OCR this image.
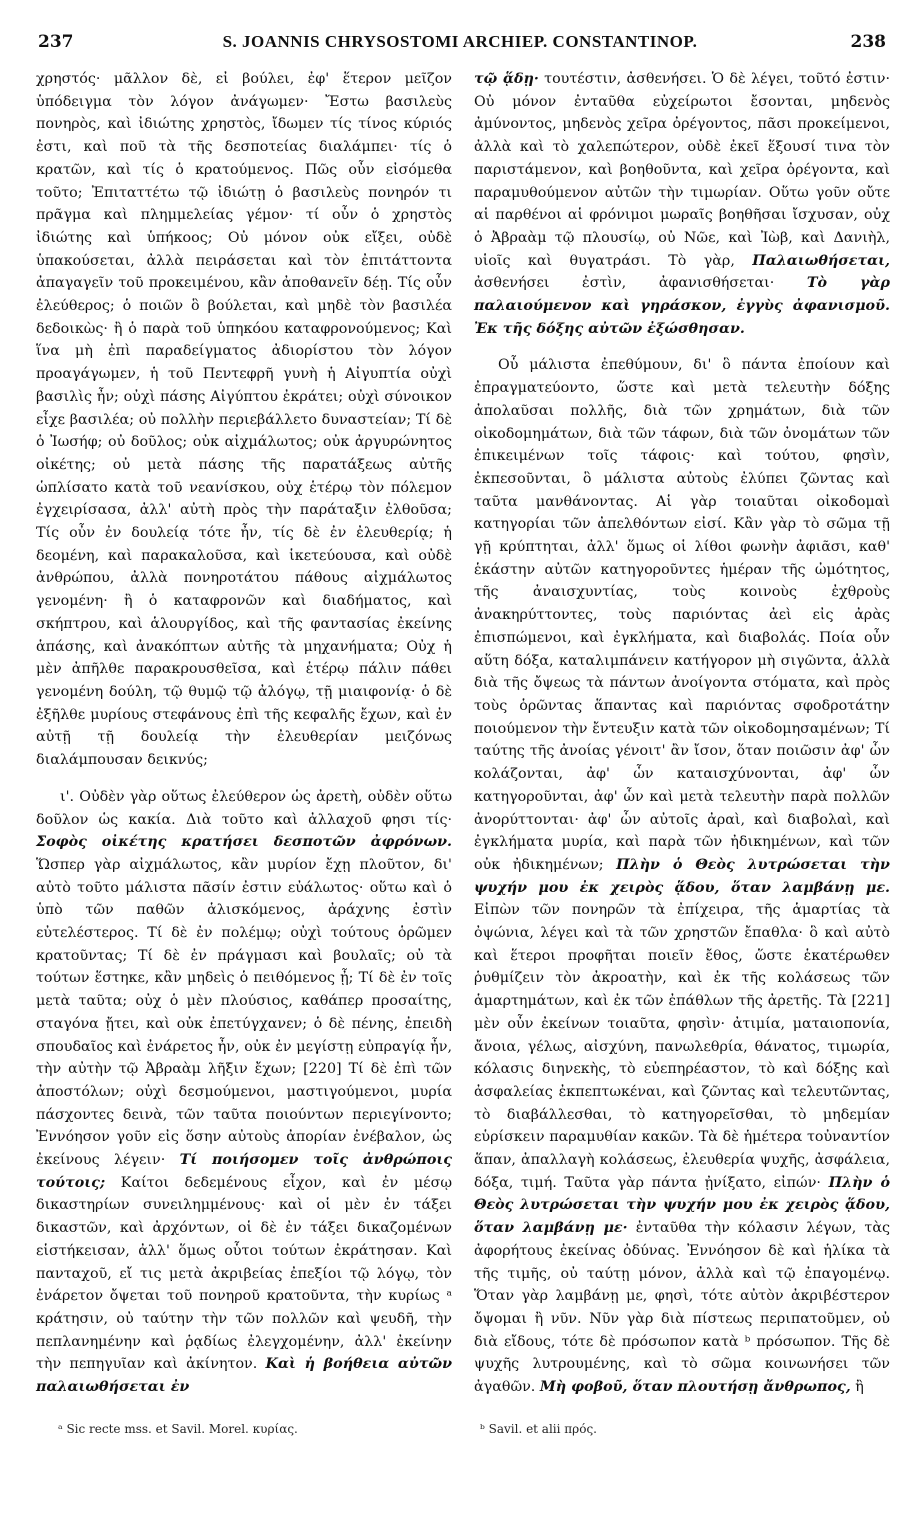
237	S. JOANNIS CHRYSOSTOMI ARCHIEP. CONSTANTINOP.	238

χρηστός· μᾶλλον δὲ, εἰ βούλει, ἐφ' ἕτερον μεῖζον ὑπόδειγμα τὸν λόγον ἀνάγωμεν· Ἔστω βασιλεὺς πονηρὸς, καὶ ἰδιώτης χρηστὸς, ἴδωμεν τίς τίνος κύριός ἐστι, καὶ ποῦ τὰ τῆς δεσποτείας διαλάμπει· τίς ὁ κρατῶν, καὶ τίς ὁ κρατούμενος. Πῶς οὖν εἰσόμεθα τοῦτο; Ἐπιταττέτω τῷ ἰδιώτῃ ὁ βασιλεὺς πονηρόν τι πρᾶγμα καὶ πλημμελείας γέμον· τί οὖν ὁ χρηστὸς ἰδιώτης καὶ ὑπήκοος; Οὐ μόνον οὐκ εἴξει, οὐδὲ ὑπακούσεται, ἀλλὰ πειράσεται καὶ τὸν ἐπιτάττοντα ἀπαγαγεῖν τοῦ προκειμένου, κἂν ἀποθανεῖν δέῃ. Τίς οὖν ἐλεύθερος; ὁ ποιῶν ὃ βούλεται, καὶ μηδὲ τὸν βασιλέα δεδοικὼς· ἢ ὁ παρὰ τοῦ ὑπηκόου καταφρονούμενος; Καὶ ἵνα μὴ ἐπὶ παραδείγματος ἀδιορίστου τὸν λόγον προαγάγωμεν, ἡ τοῦ Πεντεφρῆ γυνὴ ἡ Αἰγυπτία οὐχὶ βασιλὶς ἦν; οὐχὶ πάσης Αἰγύπτου ἐκράτει; οὐχὶ σύνοικον εἶχε βασιλέα; οὐ πολλὴν περιεβάλλετο δυναστείαν; Τί δὲ ὁ Ἰωσήφ; οὐ δοῦλος; οὐκ αἰχμάλωτος; οὐκ ἀργυρώνητος οἰκέτης; οὐ μετὰ πάσης τῆς παρατάξεως αὐτῆς ὡπλίσατο κατὰ τοῦ νεανίσκου, οὐχ ἑτέρῳ τὸν πόλεμον ἐγχειρίσασα, ἀλλ' αὐτὴ πρὸς τὴν παράταξιν ἐλθοῦσα; Τίς οὖν ἐν δουλείᾳ τότε ἦν, τίς δὲ ἐν ἐλευθερίᾳ; ἡ δεομένη, καὶ παρακαλοῦσα, καὶ ἱκετεύουσα, καὶ οὐδὲ ἀνθρώπου, ἀλλὰ πονηροτάτου πάθους αἰχμάλωτος γενομένη· ἢ ὁ καταφρονῶν καὶ διαδήματος, καὶ σκήπτρου, καὶ ἁλουργίδος, καὶ τῆς φαντασίας ἐκείνης ἁπάσης, καὶ ἀνακόπτων αὐτῆς τὰ μηχανήματα; Οὐχ ἡ μὲν ἀπῆλθε παρακρουσθεῖσα, καὶ ἑτέρῳ πάλιν πάθει γενομένη δούλη, τῷ θυμῷ τῷ ἀλόγῳ, τῇ μιαιφονίᾳ· ὁ δὲ ἐξῆλθε μυρίους στεφάνους ἐπὶ τῆς κεφαλῆς ἔχων, καὶ ἐν αὐτῇ τῇ δουλείᾳ τὴν ἐλευθερίαν μειζόνως διαλάμπουσαν δεικνύς;

ι'. Οὐδὲν γὰρ οὕτως ἐλεύθερον ὡς ἀρετὴ, οὐδὲν οὕτω δοῦλον ὡς κακία. Διὰ τοῦτο καὶ ἀλλαχοῦ φησι τίς· Σοφὸς οἰκέτης κρατήσει δεσποτῶν ἀφρόνων. Ὥσπερ γὰρ αἰχμάλωτος, κἂν μυρίον ἔχῃ πλοῦτον, δι' αὐτὸ τοῦτο μάλιστα πᾶσίν ἐστιν εὐάλωτος· οὕτω καὶ ὁ ὑπὸ τῶν παθῶν ἁλισκόμενος, ἀράχνης ἐστὶν εὐτελέστερος. Τί δὲ ἐν πολέμῳ; οὐχὶ τούτους ὁρῶμεν κρατοῦντας; Τί δὲ ἐν πράγμασι καὶ βουλαῖς; οὐ τὰ τούτων ἕστηκε, κἂν μηδεὶς ὁ πειθόμενος ᾖ; Τί δὲ ἐν τοῖς μετὰ ταῦτα; οὐχ ὁ μὲν πλούσιος, καθάπερ προσαίτης, σταγόνα ᾔτει, καὶ οὐκ ἐπετύγχανεν; ὁ δὲ πένης, ἐπειδὴ σπουδαῖος καὶ ἐνάρετος ἦν, οὐκ ἐν μεγίστῃ εὐπραγίᾳ ἦν, τὴν αὐτὴν τῷ Ἀβραὰμ λῆξιν ἔχων; [220] Τί δὲ ἐπὶ τῶν ἀποστόλων; οὐχὶ δεσμούμενοι, μαστιγούμενοι, μυρία πάσχοντες δεινὰ, τῶν ταῦτα ποιούντων περιεγίνοντο; Ἐννόησον γοῦν εἰς ὅσην αὐτοὺς ἀπορίαν ἐνέβαλον, ὡς ἐκείνους λέγειν· Τί ποιήσομεν τοῖς ἀνθρώποις τούτοις; Καίτοι δεδεμένους εἶχον, καὶ ἐν μέσῳ δικαστηρίων συνειλημμένους· καὶ οἱ μὲν ἐν τάξει δικαστῶν, καὶ ἀρχόντων, οἱ δὲ ἐν τάξει δικαζομένων εἱστήκεισαν, ἀλλ' ὅμως οὗτοι τούτων ἐκράτησαν. Καὶ πανταχοῦ, εἴ τις μετὰ ἀκριβείας ἐπεξίοι τῷ λόγῳ, τὸν ἐνάρετον ὄψεται τοῦ πονηροῦ κρατοῦντα, τὴν κυρίως ᵃ κράτησιν, οὐ ταύτην τὴν τῶν πολλῶν καὶ ψευδῆ, τὴν πεπλανημένην καὶ ῥᾳδίως ἐλεγχομένην, ἀλλ' ἐκείνην τὴν πεπηγυῖαν καὶ ἀκίνητον. Καὶ ἡ βοήθεια αὐτῶν παλαιωθήσεται ἐν

τῷ ᾅδῃ· τουτέστιν, ἀσθενήσει. Ὁ δὲ λέγει, τοῦτό ἐστιν· Οὐ μόνον ἐνταῦθα εὐχείρωτοι ἔσονται, μηδενὸς ἀμύνοντος, μηδενὸς χεῖρα ὀρέγοντος, πᾶσι προκείμενοι, ἀλλὰ καὶ τὸ χαλεπώτερον, οὐδὲ ἐκεῖ ἕξουσί τινα τὸν παριστάμενον, καὶ βοηθοῦντα, καὶ χεῖρα ὀρέγοντα, καὶ παραμυθούμενον αὐτῶν τὴν τιμωρίαν. Οὕτω γοῦν οὔτε αἱ παρθένοι αἱ φρόνιμοι μωραῖς βοηθῆσαι ἴσχυσαν, οὐχ ὁ Ἀβραὰμ τῷ πλουσίῳ, οὐ Νῶε, καὶ Ἰὼβ, καὶ Δανιὴλ, υἱοῖς καὶ θυγατράσι. Τὸ γὰρ, Παλαιωθήσεται, ἀσθενήσει ἐστὶν, ἀφανισθήσεται· Τὸ γὰρ παλαιούμενον καὶ γηράσκον, ἐγγὺς ἀφανισμοῦ. Ἐκ τῆς δόξης αὐτῶν ἐξώσθησαν.

Οὗ μάλιστα ἐπεθύμουν, δι' ὃ πάντα ἐποίουν καὶ ἐπραγματεύοντο, ὥστε καὶ μετὰ τελευτὴν δόξης ἀπολαῦσαι πολλῆς, διὰ τῶν χρημάτων, διὰ τῶν οἰκοδομημάτων, διὰ τῶν τάφων, διὰ τῶν ὀνομάτων τῶν ἐπικειμένων τοῖς τάφοις· καὶ τούτου, φησὶν, ἐκπεσοῦνται, ὃ μάλιστα αὐτοὺς ἐλύπει ζῶντας καὶ ταῦτα μανθάνοντας. Αἱ γὰρ τοιαῦται οἰκοδομαὶ κατηγορίαι τῶν ἀπελθόντων εἰσί. Κἂν γὰρ τὸ σῶμα τῇ γῇ κρύπτηται, ἀλλ' ὅμως οἱ λίθοι φωνὴν ἀφιᾶσι, καθ' ἑκάστην αὐτῶν κατηγοροῦντες ἡμέραν τῆς ὠμότητος, τῆς ἀναισχυντίας, τοὺς κοινοὺς ἐχθροὺς ἀνακηρύττοντες, τοὺς παριόντας ἀεὶ εἰς ἀρὰς ἐπισπώμενοι, καὶ ἐγκλήματα, καὶ διαβολάς. Ποία οὖν αὕτη δόξα, καταλιμπάνειν κατήγορον μὴ σιγῶντα, ἀλλὰ διὰ τῆς ὄψεως τὰ πάντων ἀνοίγοντα στόματα, καὶ πρὸς τοὺς ὁρῶντας ἅπαντας καὶ παριόντας σφοδροτάτην ποιούμενον τὴν ἔντευξιν κατὰ τῶν οἰκοδομησαμένων; Τί ταύτης τῆς ἀνοίας γένοιτ' ἂν ἴσον, ὅταν ποιῶσιν ἀφ' ὧν κολάζονται, ἀφ' ὧν καταισχύνονται, ἀφ' ὧν κατηγοροῦνται, ἀφ' ὧν καὶ μετὰ τελευτὴν παρὰ πολλῶν ἀνορύττονται· ἀφ' ὧν αὐτοῖς ἀραὶ, καὶ διαβολαὶ, καὶ ἐγκλήματα μυρία, καὶ παρὰ τῶν ἠδικημένων, καὶ τῶν οὐκ ἠδικημένων; Πλὴν ὁ Θεὸς λυτρώσεται τὴν ψυχήν μου ἐκ χειρὸς ᾅδου, ὅταν λαμβάνῃ με. Εἰπὼν τῶν πονηρῶν τὰ ἐπίχειρα, τῆς ἁμαρτίας τὰ ὀψώνια, λέγει καὶ τὰ τῶν χρηστῶν ἔπαθλα· ὃ καὶ αὐτὸ καὶ ἕτεροι προφῆται ποιεῖν ἔθος, ὥστε ἑκατέρωθεν ῥυθμίζειν τὸν ἀκροατὴν, καὶ ἐκ τῆς κολάσεως τῶν ἁμαρτημάτων, καὶ ἐκ τῶν ἐπάθλων τῆς ἀρετῆς. Τὰ [221] μὲν οὖν ἐκείνων τοιαῦτα, φησὶν· ἀτιμία, ματαιοπονία, ἄνοια, γέλως, αἰσχύνη, πανωλεθρία, θάνατος, τιμωρία, κόλασις διηνεκὴς, τὸ εὐεπηρέαστον, τὸ καὶ δόξης καὶ ἀσφαλείας ἐκπεπτωκέναι, καὶ ζῶντας καὶ τελευτῶντας, τὸ διαβάλλεσθαι, τὸ κατηγορεῖσθαι, τὸ μηδεμίαν εὑρίσκειν παραμυθίαν κακῶν. Τὰ δὲ ἡμέτερα τοὐναντίον ἅπαν, ἀπαλλαγὴ κολάσεως, ἐλευθερία ψυχῆς, ἀσφάλεια, δόξα, τιμή. Ταῦτα γὰρ πάντα ᾐνίξατο, εἰπών· Πλὴν ὁ Θεὸς λυτρώσεται τὴν ψυχήν μου ἐκ χειρὸς ᾅδου, ὅταν λαμβάνῃ με· ἐνταῦθα τὴν κόλασιν λέγων, τὰς ἀφορήτους ἐκείνας ὀδύνας. Ἐννόησον δὲ καὶ ἡλίκα τὰ τῆς τιμῆς, οὐ ταύτῃ μόνον, ἀλλὰ καὶ τῷ ἐπαγομένῳ. Ὅταν γὰρ λαμβάνῃ με, φησὶ, τότε αὐτὸν ἀκριβέστερον ὄψομαι ἢ νῦν. Νῦν γὰρ διὰ πίστεως περιπατοῦμεν, οὐ διὰ εἴδους, τότε δὲ πρόσωπον κατὰ ᵇ πρόσωπον. Τῆς δὲ ψυχῆς λυτρουμένης, καὶ τὸ σῶμα κοινωνήσει τῶν ἀγαθῶν. Μὴ φοβοῦ, ὅταν πλουτήσῃ ἄνθρωπος, ἢ

ᵃ Sic recte mss. et Savil. Morel. κυρίας.	ᵇ Savil. et alii πρός.
